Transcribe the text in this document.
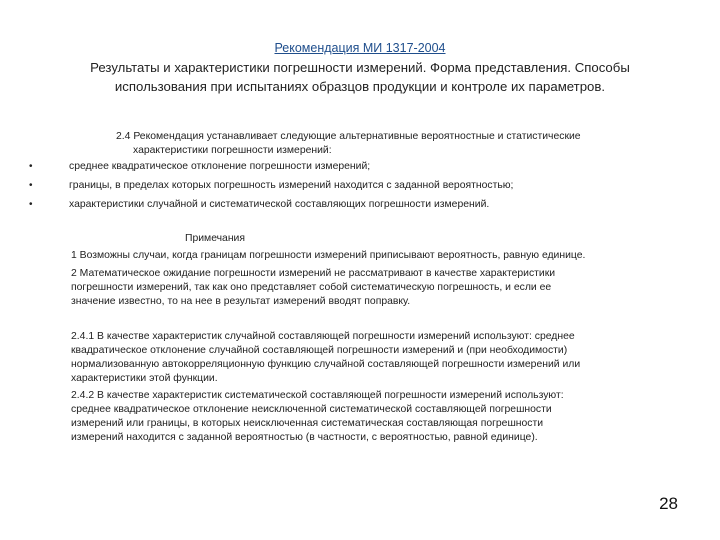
Рекомендация МИ 1317-2004
Результаты и характеристики погрешности измерений. Форма представления. Способы
использования при испытаниях образцов продукции и контроле их параметров.
2.4 Рекомендация устанавливает следующие альтернативные вероятностные и статистические
характеристики погрешности измерений:
•	среднее квадратическое отклонение погрешности измерений;
•	границы, в пределах которых погрешность измерений находится с заданной вероятностью;
•	характеристики случайной и систематической составляющих погрешности измерений.
Примечания
1 Возможны случаи, когда границам погрешности измерений приписывают вероятность, равную единице.
2 Математическое ожидание погрешности измерений не рассматривают в качестве характеристики
погрешности измерений, так как оно представляет собой систематическую погрешность, и если ее
значение известно, то на нее в результат измерений вводят поправку.
2.4.1 В качестве характеристик случайной составляющей погрешности измерений используют: среднее
квадратическое отклонение случайной составляющей погрешности измерений и (при необходимости)
нормализованную автокорреляционную функцию случайной составляющей погрешности измерений или
характеристики этой функции.
2.4.2 В качестве характеристик систематической составляющей погрешности измерений используют:
среднее квадратическое отклонение неисключенной систематической составляющей погрешности
измерений или границы, в которых неисключенная систематическая составляющая погрешности
измерений находится с заданной вероятностью (в частности, с вероятностью, равной единице).
28
